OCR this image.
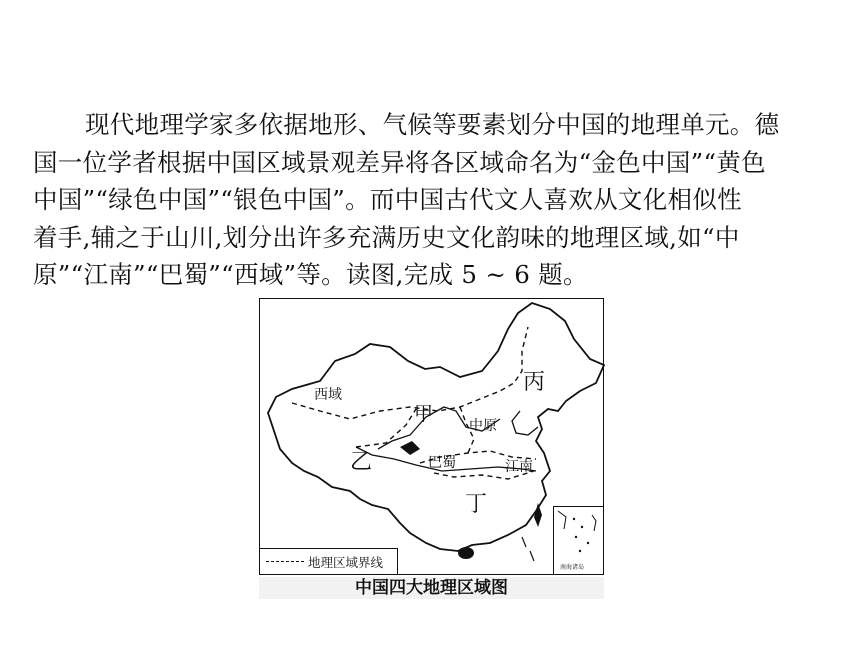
现代地理学家多依据地形、气候等要素划分中国的地理单元。德

国一位学者根据中国区域景观差异将各区域命名为“金色中国”“黄色

中国”“绿色中国”“银色中国”。而中国古代文人喜欢从文化相似性

着手,辅之于山川,划分出许多充满历史文化韵味的地理区域,如“中

原”“江南”“巴蜀”“西域”等。读图,完成 5 ~ 6 题。

西域
甲
丙
中原
乙	巴蜀	江南
丁
地理区域界线	南海诸岛
中国四大地理区域图
